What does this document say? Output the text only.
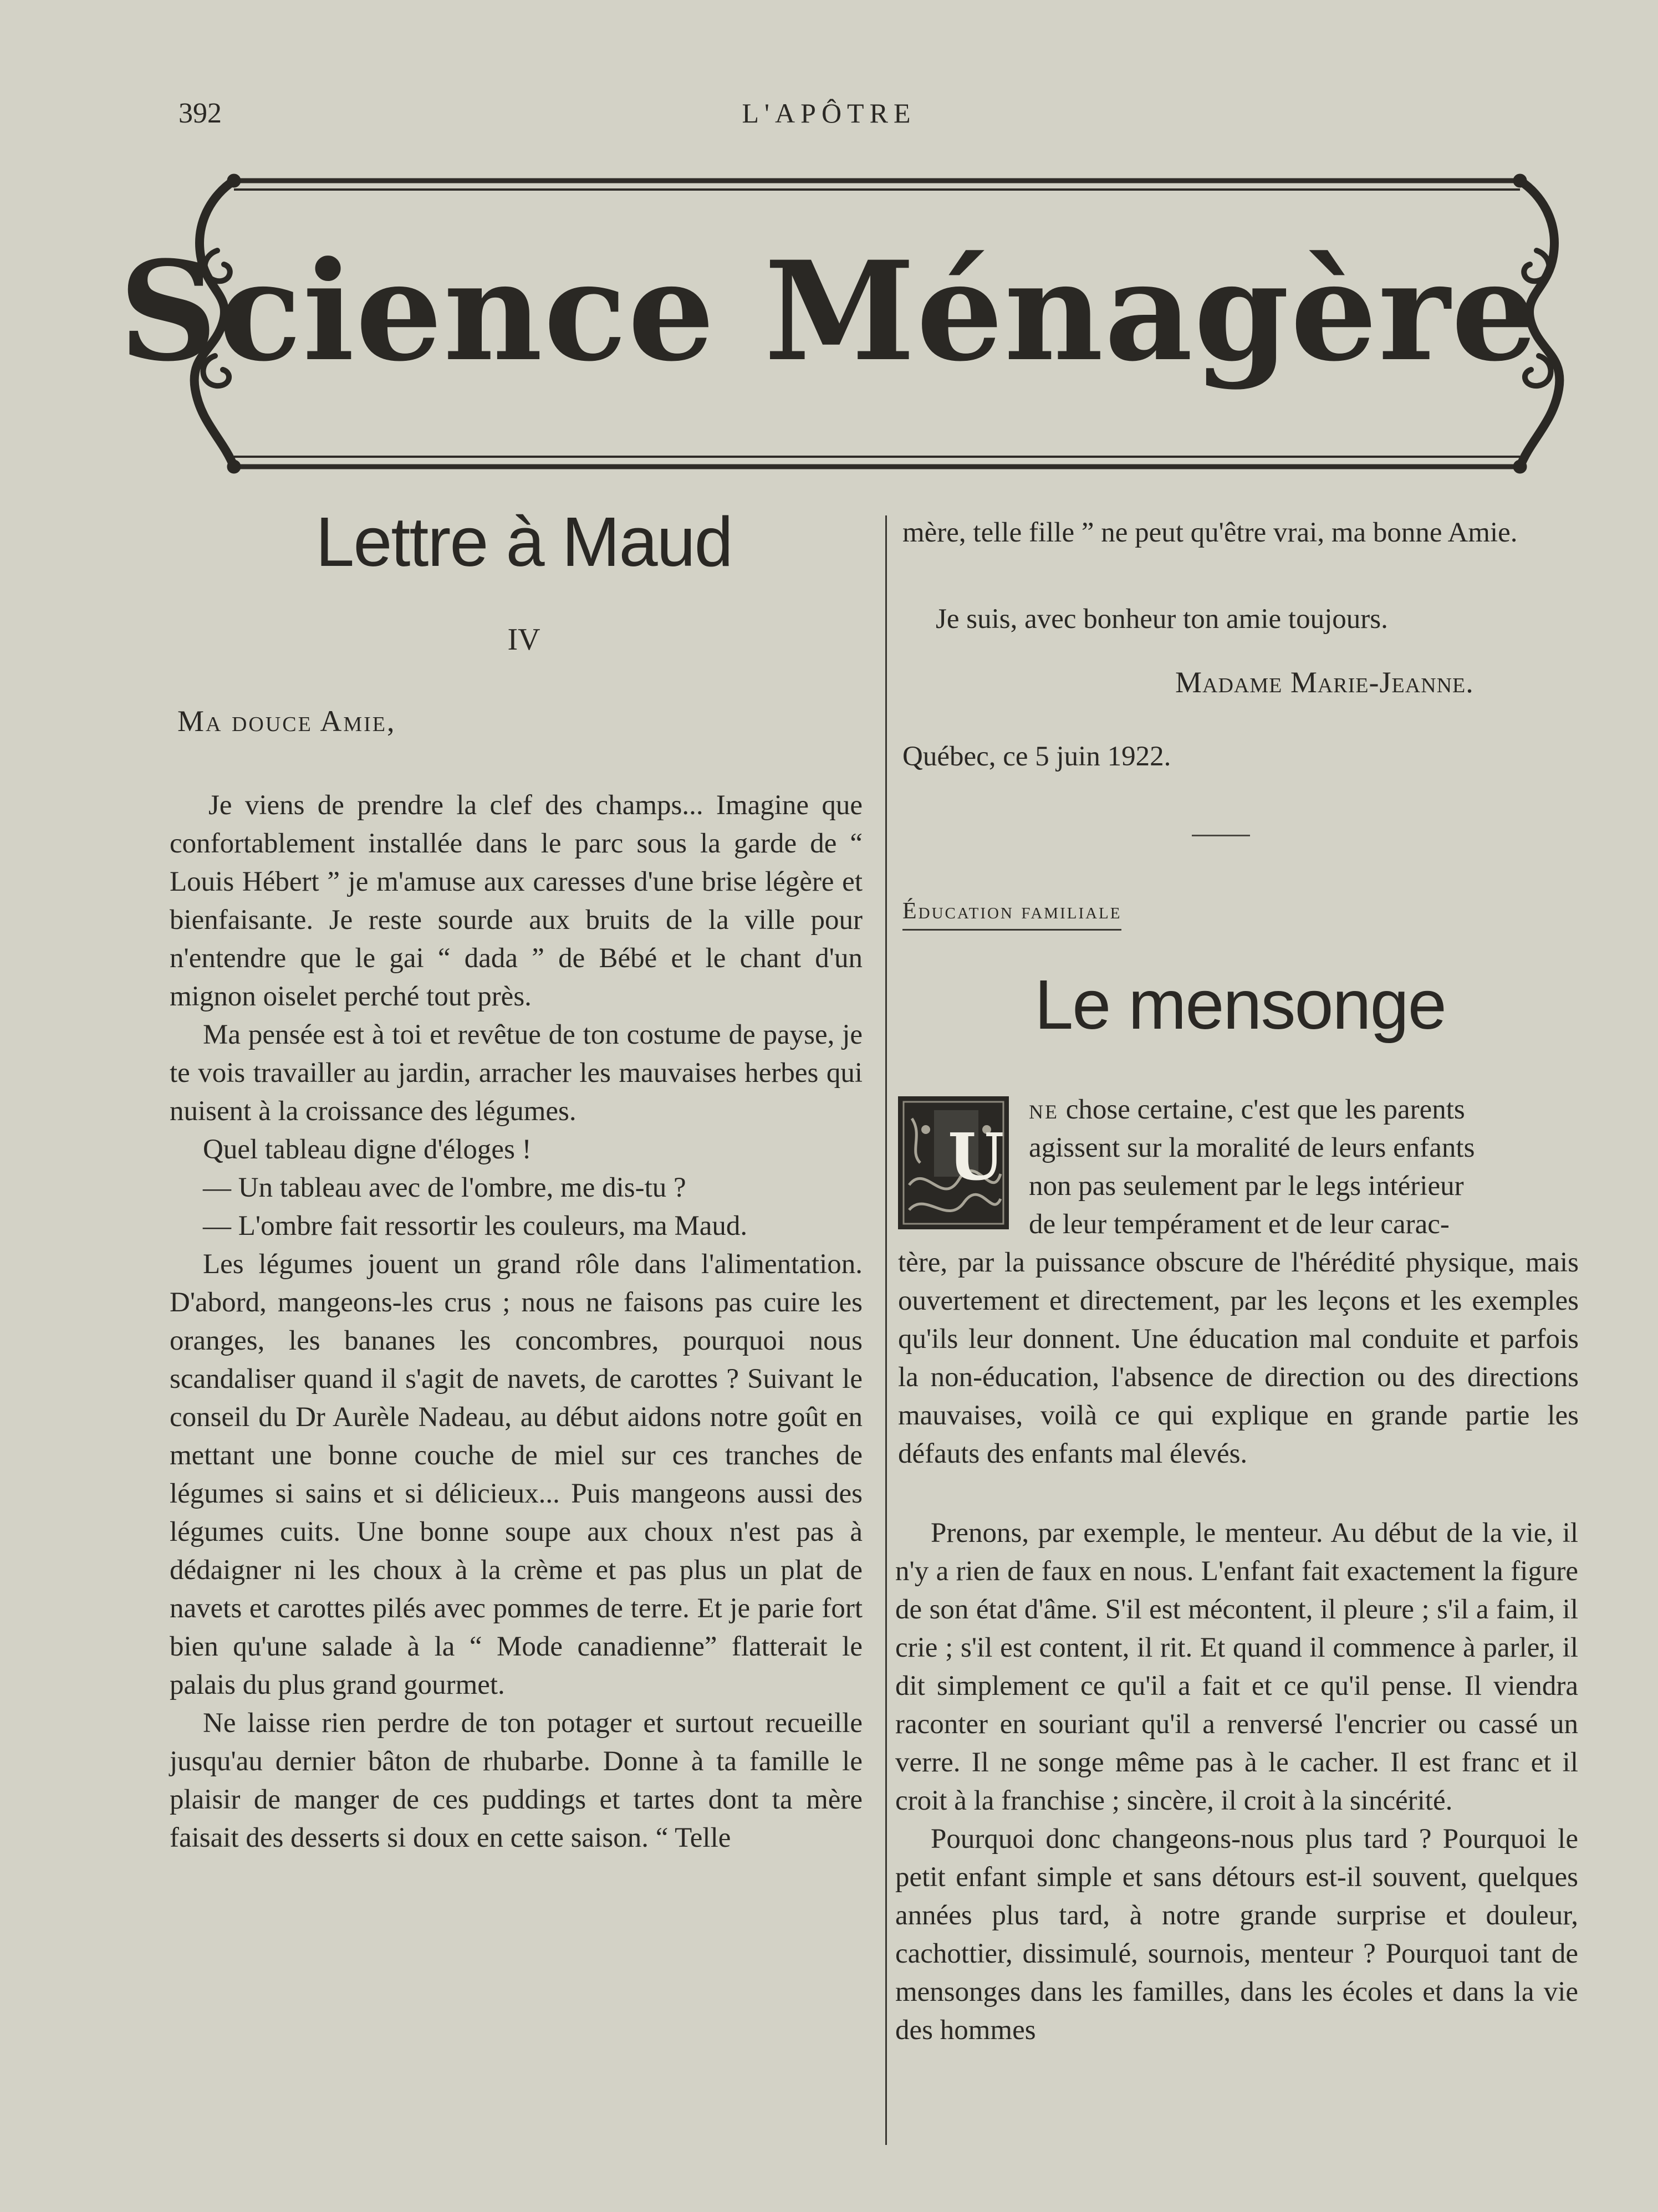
392	L'APÔTRE
Science Ménagère
Lettre à Maud
IV
Ma douce Amie,

Je viens de prendre la clef des champs... Imagine que confortablement installée dans le parc sous la garde de “ Louis Hébert ” je m'amuse aux caresses d'une brise légère et bienfaisante. Je reste sourde aux bruits de la ville pour n'entendre que le gai “ dada ” de Bébé et le chant d'un mignon oiselet perché tout près.

Ma pensée est à toi et revêtue de ton costume de payse, je te vois travailler au jardin, arracher les mauvaises herbes qui nuisent à la croissance des légumes.

Quel tableau digne d'éloges !

— Un tableau avec de l'ombre, me dis-tu ?

— L'ombre fait ressortir les couleurs, ma Maud.

Les légumes jouent un grand rôle dans l'alimentation. D'abord, mangeons-les crus ; nous ne faisons pas cuire les oranges, les bananes les concombres, pourquoi nous scandaliser quand il s'agit de navets, de carottes ? Suivant le conseil du Dr Aurèle Nadeau, au début aidons notre goût en mettant une bonne couche de miel sur ces tranches de légumes si sains et si délicieux... Puis mangeons aussi des légumes cuits. Une bonne soupe aux choux n'est pas à dédaigner ni les choux à la crème et pas plus un plat de navets et carottes pilés avec pommes de terre. Et je parie fort bien qu'une salade à la “ Mode canadienne” flatterait le palais du plus grand gourmet.

Ne laisse rien perdre de ton potager et surtout recueille jusqu'au dernier bâton de rhubarbe. Donne à ta famille le plaisir de manger de ces puddings et tartes dont ta mère faisait des desserts si doux en cette saison. “ Telle

mère, telle fille ” ne peut qu'être vrai, ma bonne Amie.
Je suis, avec bonheur ton amie toujours.
Madame Marie-Jeanne.
Québec, ce 5 juin 1922.
Éducation familiale
Le mensonge
U
ne chose certaine, c'est que les parents
agissent sur la moralité de leurs enfants
non pas seulement par le legs intérieur
de leur tempérament et de leur carac-
tère, par la puissance obscure de l'hérédité physique, mais ouvertement et directement, par les leçons et les exemples qu'ils leur donnent. Une éducation mal conduite et parfois la non-éducation, l'absence de direction ou des directions mauvaises, voilà ce qui explique en grande partie les défauts des enfants mal élevés.

Prenons, par exemple, le menteur. Au début de la vie, il n'y a rien de faux en nous. L'enfant fait exactement la figure de son état d'âme. S'il est mécontent, il pleure ; s'il a faim, il crie ; s'il est content, il rit. Et quand il commence à parler, il dit simplement ce qu'il a fait et ce qu'il pense. Il viendra raconter en souriant qu'il a renversé l'encrier ou cassé un verre. Il ne songe même pas à le cacher. Il est franc et il croit à la franchise ; sincère, il croit à la sincérité.

Pourquoi donc changeons-nous plus tard ? Pourquoi le petit enfant simple et sans détours est-il souvent, quelques années plus tard, à notre grande surprise et douleur, cachottier, dissimulé, sournois, menteur ? Pourquoi tant de mensonges dans les familles, dans les écoles et dans la vie des hommes
